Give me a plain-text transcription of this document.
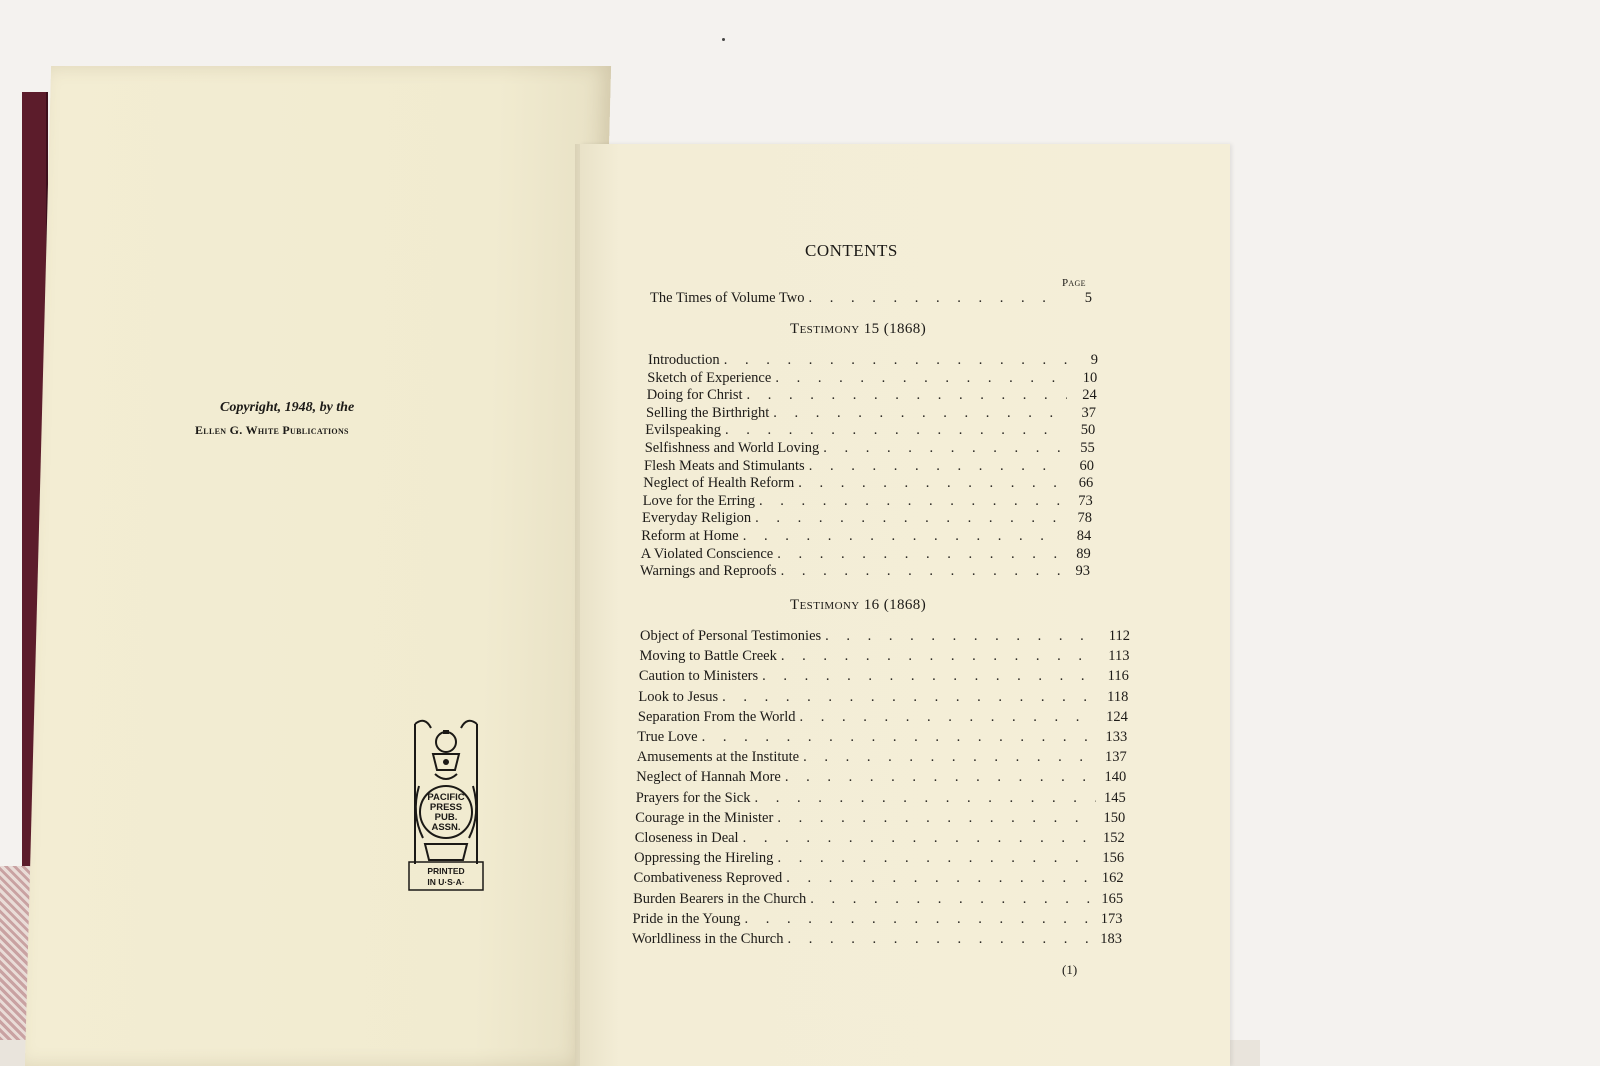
Copyright, 1948, by the
Ellen G. White Publications
PACIFIC
PRESS
PUB.
ASSN.
PRINTED
IN U·S·A·
CONTENTS
Page
The Times of Volume Two . . .	5
Testimony 15 (1868)
Introduction . . .	9
Sketch of Experience . . .	10
Doing for Christ . . .	24
Selling the Birthright . . .	37
Evilspeaking . . .	50
Selfishness and World Loving . . .	55
Flesh Meats and Stimulants . . .	60
Neglect of Health Reform . . .	66
Love for the Erring . . .	73
Everyday Religion . . .	78
Reform at Home . . .	84
A Violated Conscience . . .	89
Warnings and Reproofs . . .	93
Testimony 16 (1868)
Object of Personal Testimonies . . .	112
Moving to Battle Creek . . .	113
Caution to Ministers . . .	116
Look to Jesus . . .	118
Separation From the World . . .	124
True Love . . .	133
Amusements at the Institute . . .	137
Neglect of Hannah More . . .	140
Prayers for the Sick . . .	145
Courage in the Minister . . .	150
Closeness in Deal . . .	152
Oppressing the Hireling . . .	156
Combativeness Reproved . . .	162
Burden Bearers in the Church . . .	165
Pride in the Young . . .	173
Worldliness in the Church . . .	183
(1)
